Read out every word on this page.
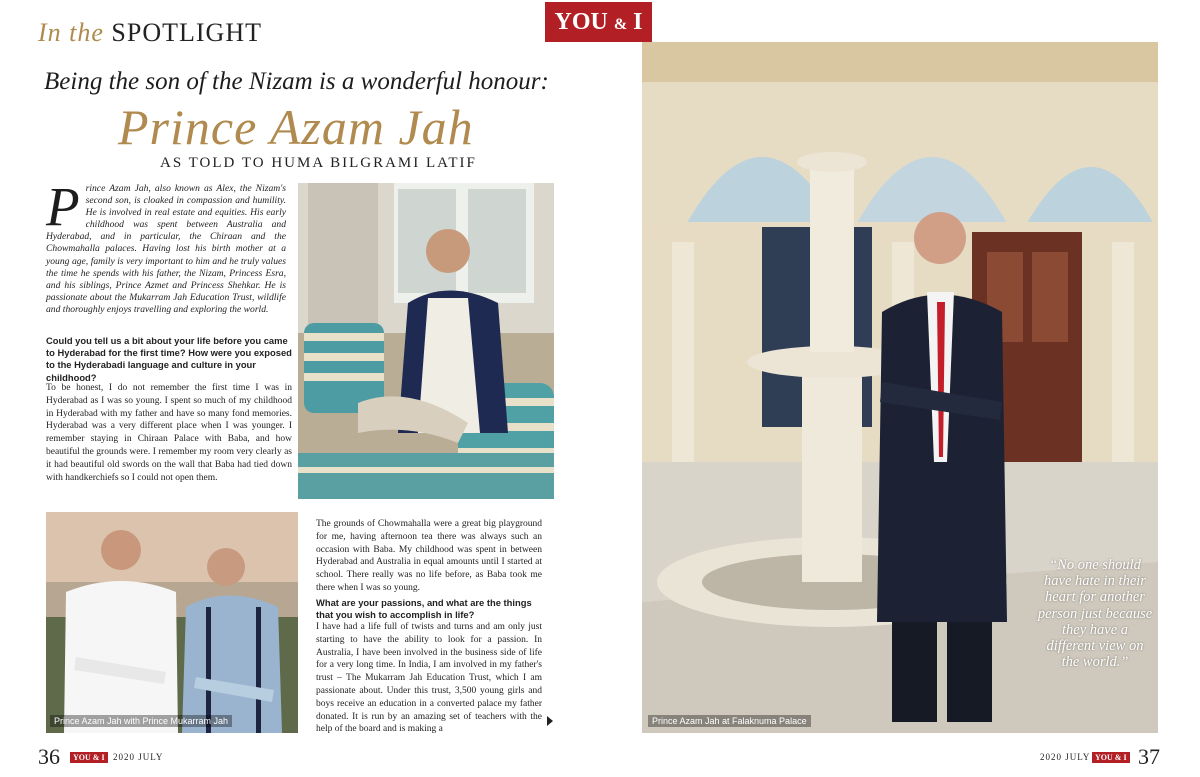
In the SPOTLIGHT	YOU & I
Being the son of the Nizam is a wonderful honour:
Prince Azam Jah
AS TOLD TO HUMA BILGRAMI LATIF
Prince Azam Jah, also known as Alex, the Nizam's second son, is cloaked in compassion and humility. He is involved in real estate and equities. His early childhood was spent between Australia and Hyderabad, and in particular, the Chiraan and the Chowmahalla palaces. Having lost his birth mother at a young age, family is very important to him and he truly values the time he spends with his father, the Nizam, Princess Esra, and his siblings, Prince Azmet and Princess Shehkar. He is passionate about the Mukarram Jah Education Trust, wildlife and thoroughly enjoys travelling and exploring the world.
Could you tell us a bit about your life before you came to Hyderabad for the first time? How were you exposed to the Hyderabadi language and culture in your childhood?
To be honest, I do not remember the first time I was in Hyderabad as I was so young. I spent so much of my childhood in Hyderabad with my father and have so many fond memories. Hyderabad was a very different place when I was younger. I remember staying in Chiraan Palace with Baba, and how beautiful the grounds were. I remember my room very clearly as it had beautiful old swords on the wall that Baba had tied down with handkerchiefs so I could not open them.
Prince Azam Jah with Prince Mukarram Jah
The grounds of Chowmahalla were a great big playground for me, having afternoon tea there was always such an occasion with Baba. My childhood was spent in between Hyderabad and Australia in equal amounts until I started at school. There really was no life before, as Baba took me there when I was so young.
What are your passions, and what are the things that you wish to accomplish in life?
I have had a life full of twists and turns and am only just starting to have the ability to look for a passion. In Australia, I have been involved in the business side of life for a very long time. In India, I am involved in my father's trust – The Mukarram Jah Education Trust, which I am passionate about. Under this trust, 3,500 young girls and boys receive an education in a converted palace my father donated. It is run by an amazing set of teachers with the help of the board and is making a
Prince Azam Jah at Falaknuma Palace
“No one should have hate in their heart for another person just because they have a different view on the world.”
36	YOU & I 2020 JULY	2020 JULY YOU & I 37
